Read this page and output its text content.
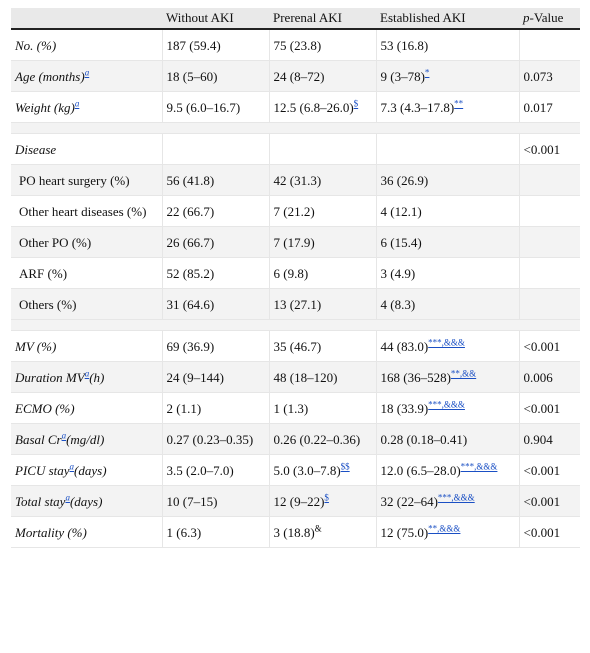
	Without AKI	Prerenal AKI	Established AKI	p-Value
No. (%)	187 (59.4)	75 (23.8)	53 (16.8)	
Age (months)$^a$	18 (5–60)	24 (8–72)	9 (3–78)*	0.073
Weight (kg)$^a$	9.5 (6.0–16.7)	12.5 (6.8–26.0)$	7.3 (4.3–17.8)**	0.017

Disease				<0.001
PO heart surgery (%)	56 (41.8)	42 (31.3)	36 (26.9)	
Other heart diseases (%)	22 (66.7)	7 (21.2)	4 (12.1)	
Other PO (%)	26 (66.7)	7 (17.9)	6 (15.4)	
ARF (%)	52 (85.2)	6 (9.8)	3 (4.9)	
Others (%)	31 (64.6)	13 (27.1)	4 (8.3)	

MV (%)	69 (36.9)	35 (46.7)	44 (83.0)***,&&&	<0.001
Duration $MV^a(h)$	24 (9–144)	48 (18–120)	168 (36–528)**,&&	0.006
ECMO (%)	2 (1.1)	1 (1.3)	18 (33.9)***,&&&	<0.001
Basal Cr$^a$(mg/dl)	0.27 (0.23–0.35)	0.26 (0.22–0.36)	0.28 (0.18–0.41)	0.904
PICU stay$^a$(days)	3.5 (2.0–7.0)	5.0 (3.0–7.8)$$	12.0 (6.5–28.0)***,&&&	<0.001
Total stay$^a$(days)	10 (7–15)	12 (9–22)$	32 (22–64)***,&&&	<0.001
Mortality (%)	1 (6.3)	3 (18.8)&	12 (75.0)**,&&&	<0.001
